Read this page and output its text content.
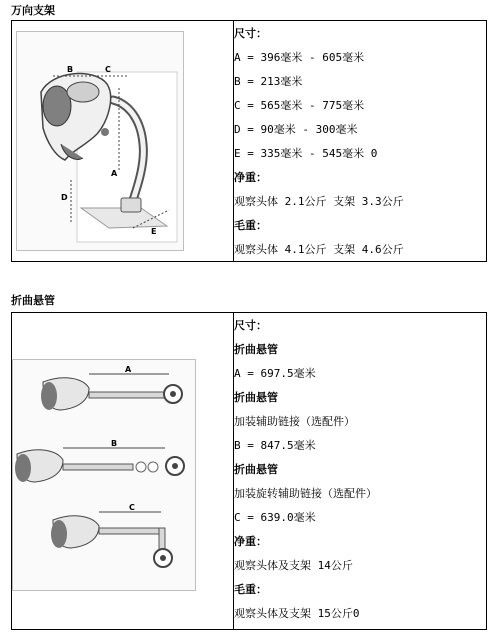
万向支架
B	C
A
D
E
尺寸：
A = 396毫米 - 605毫米
B = 213毫米
C = 565毫米 - 775毫米
D = 90毫米 - 300毫米
E = 335毫米 - 545毫米 0
净重：
观察头体 2.1公斤 支架 3.3公斤
毛重：
观察头体 4.1公斤 支架 4.6公斤
折曲悬管
A
B
C
尺寸：
折曲悬管
A = 697.5毫米
折曲悬管
加装辅助链接（选配件）
B = 847.5毫米
折曲悬管
加装旋转辅助链接（选配件）
C = 639.0毫米
净重：
观察头体及支架 14公斤
毛重：
观察头体及支架 15公斤0
